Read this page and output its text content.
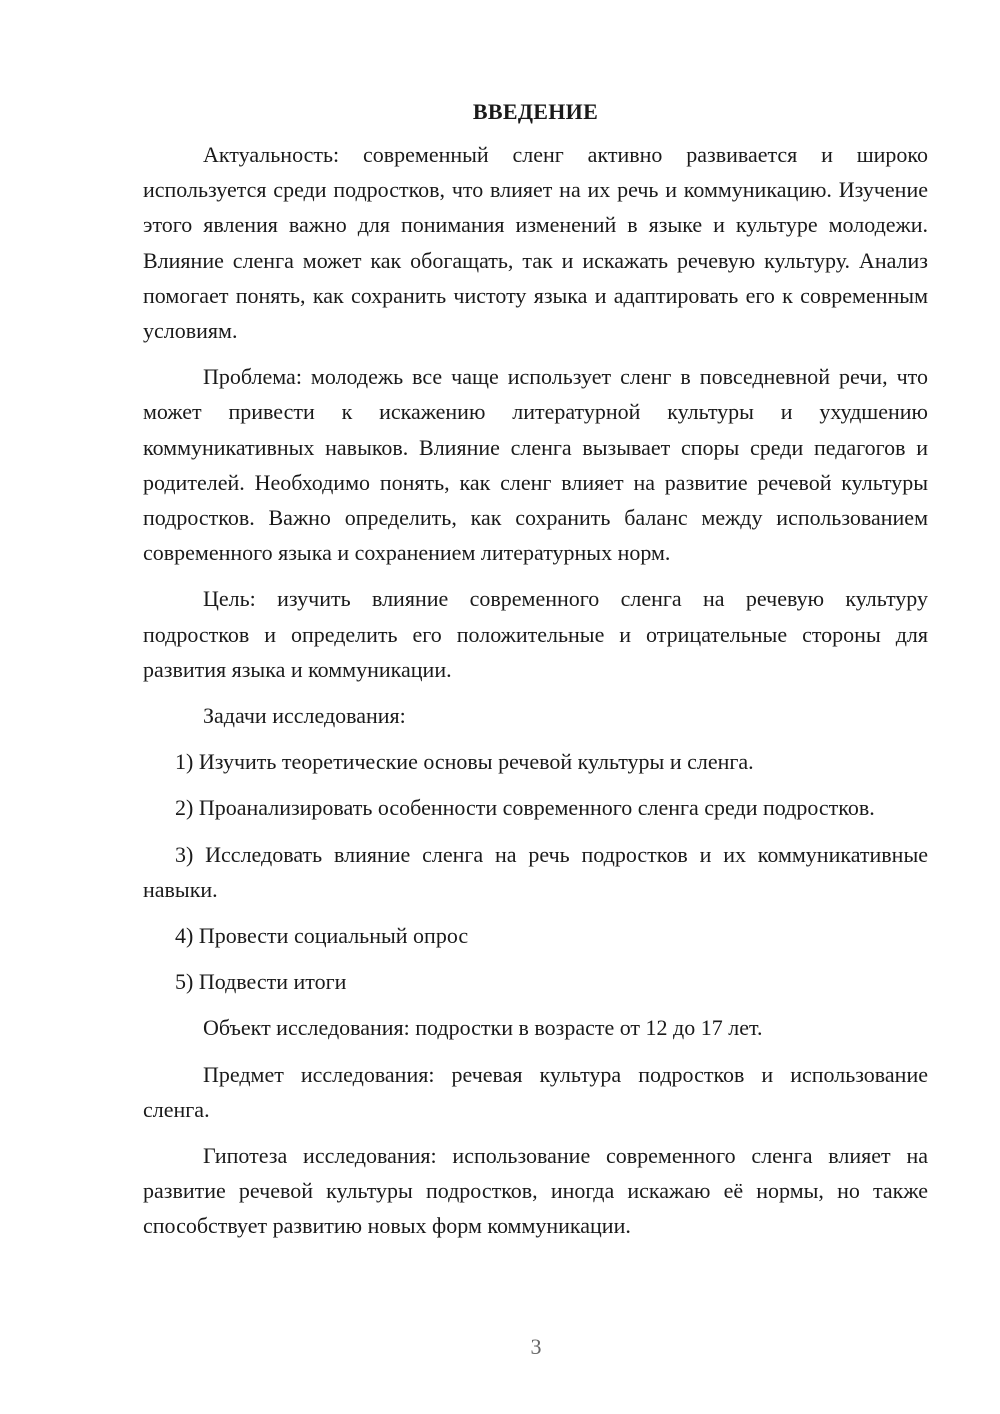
ВВЕДЕНИЕ

Актуальность: современный сленг активно развивается и широко используется среди подростков, что влияет на их речь и коммуникацию. Изучение этого явления важно для понимания изменений в языке и культуре молодежи. Влияние сленга может как обогащать, так и искажать речевую культуру. Анализ помогает понять, как сохранить чистоту языка и адаптировать его к современным условиям.

Проблема: молодежь все чаще использует сленг в повседневной речи, что может привести к искажению литературной культуры и ухудшению коммуникативных навыков. Влияние сленга вызывает споры среди педагогов и родителей. Необходимо понять, как сленг влияет на развитие речевой культуры подростков. Важно определить, как сохранить баланс между использованием современного языка и сохранением литературных норм.

Цель: изучить влияние современного сленга на речевую культуру подростков и определить его положительные и отрицательные стороны для развития языка и коммуникации.

Задачи исследования:

1) Изучить теоретические основы речевой культуры и сленга.

2) Проанализировать особенности современного сленга среди подростков.

3) Исследовать влияние сленга на речь подростков и их коммуникативные навыки.

4) Провести социальный опрос

5) Подвести итоги

Объект исследования: подростки в возрасте от 12 до 17 лет.

Предмет исследования: речевая культура подростков и использование сленга.

Гипотеза исследования: использование современного сленга влияет на развитие речевой культуры подростков, иногда искажаю её нормы, но также способствует развитию новых форм коммуникации.

3
